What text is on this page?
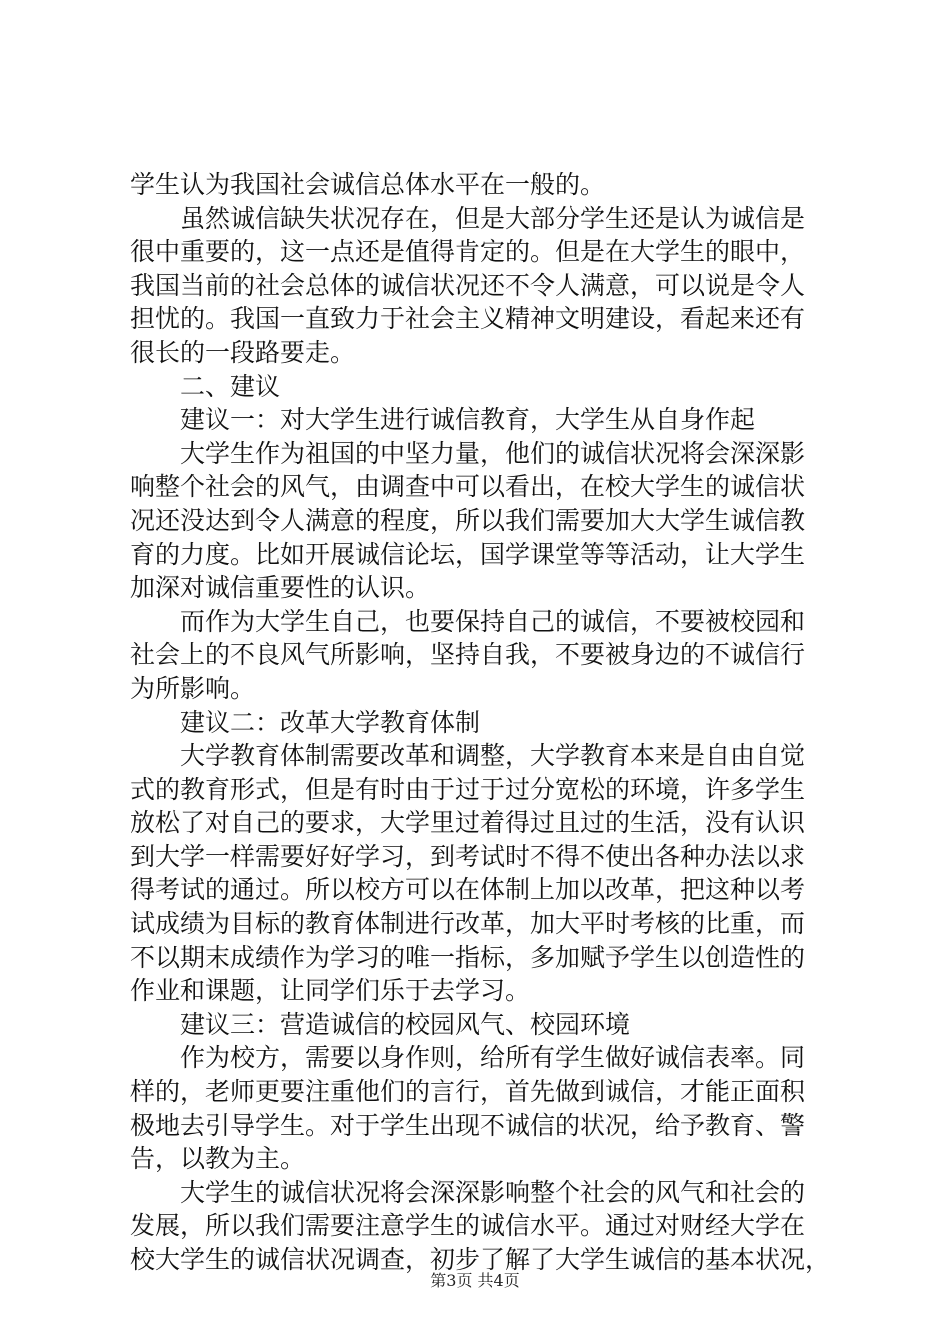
学生认为我国社会诚信总体水平在一般的。
虽然诚信缺失状况存在，但是大部分学生还是认为诚信是
很中重要的，这一点还是值得肯定的。但是在大学生的眼中，
我国当前的社会总体的诚信状况还不令人满意，可以说是令人
担忧的。我国一直致力于社会主义精神文明建设，看起来还有
很长的一段路要走。
二、建议
建议一：对大学生进行诚信教育，大学生从自身作起
大学生作为祖国的中坚力量，他们的诚信状况将会深深影
响整个社会的风气，由调查中可以看出，在校大学生的诚信状
况还没达到令人满意的程度，所以我们需要加大大学生诚信教
育的力度。比如开展诚信论坛，国学课堂等等活动，让大学生
加深对诚信重要性的认识。
而作为大学生自己，也要保持自己的诚信，不要被校园和
社会上的不良风气所影响，坚持自我，不要被身边的不诚信行
为所影响。
建议二：改革大学教育体制
大学教育体制需要改革和调整，大学教育本来是自由自觉
式的教育形式，但是有时由于过于过分宽松的环境，许多学生
放松了对自己的要求，大学里过着得过且过的生活，没有认识
到大学一样需要好好学习，到考试时不得不使出各种办法以求
得考试的通过。所以校方可以在体制上加以改革，把这种以考
试成绩为目标的教育体制进行改革，加大平时考核的比重，而
不以期末成绩作为学习的唯一指标，多加赋予学生以创造性的
作业和课题，让同学们乐于去学习。
建议三：营造诚信的校园风气、校园环境
作为校方，需要以身作则，给所有学生做好诚信表率。同
样的，老师更要注重他们的言行，首先做到诚信，才能正面积
极地去引导学生。对于学生出现不诚信的状况，给予教育、警
告，以教为主。
大学生的诚信状况将会深深影响整个社会的风气和社会的
发展，所以我们需要注意学生的诚信水平。通过对财经大学在
校大学生的诚信状况调查，初步了解了大学生诚信的基本状况，
第3页 共4页
